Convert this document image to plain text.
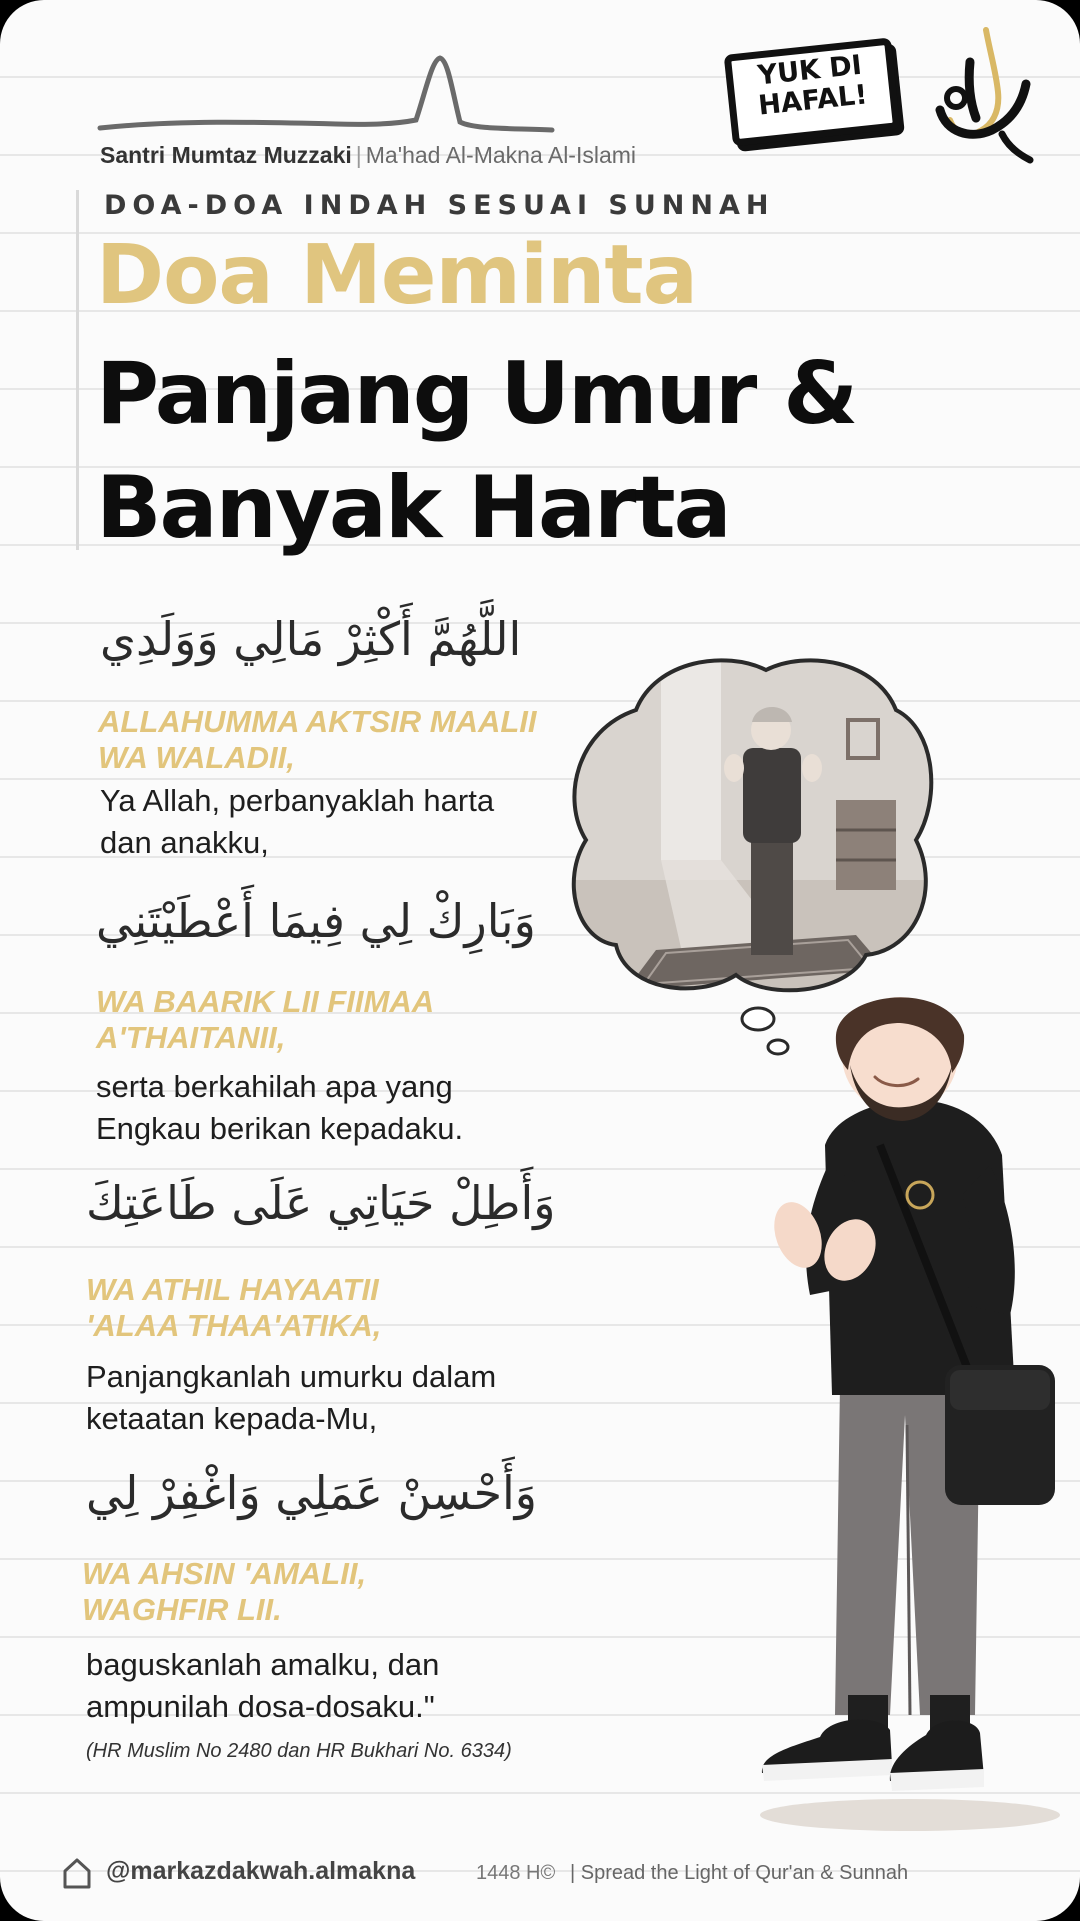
Santri Mumtaz Muzzaki | Ma'had Al-Makna Al-Islami
DOA-DOA INDAH SESUAI SUNNAH
Doa Meminta
Panjang Umur &
Banyak Harta
YUK DI
HAFAL!
اللَّهُمَّ أَكْثِرْ مَالِي وَوَلَدِي
ALLAHUMMA AKTSIR MAALII
WA WALADII,
Ya Allah, perbanyaklah harta
dan anakku,
وَبَارِكْ لِي فِيمَا أَعْطَيْتَنِي
WA BAARIK LII FIIMAA
A'THAITANII,
serta berkahilah apa yang
Engkau berikan kepadaku.
وَأَطِلْ حَيَاتِي عَلَى طَاعَتِكَ
WA ATHIL HAYAATII
'ALAA THAA'ATIKA,
Panjangkanlah umurku dalam
ketaatan kepada-Mu,
وَأَحْسِنْ عَمَلِي وَاغْفِرْ لِي
WA AHSIN 'AMALII,
WAGHFIR LII.
baguskanlah amalku, dan
ampunilah dosa-dosaku."
(HR Muslim No 2480 dan HR Bukhari No. 6334)
@markazdakwah.almakna	1448 H© | Spread the Light of Qur'an & Sunnah
